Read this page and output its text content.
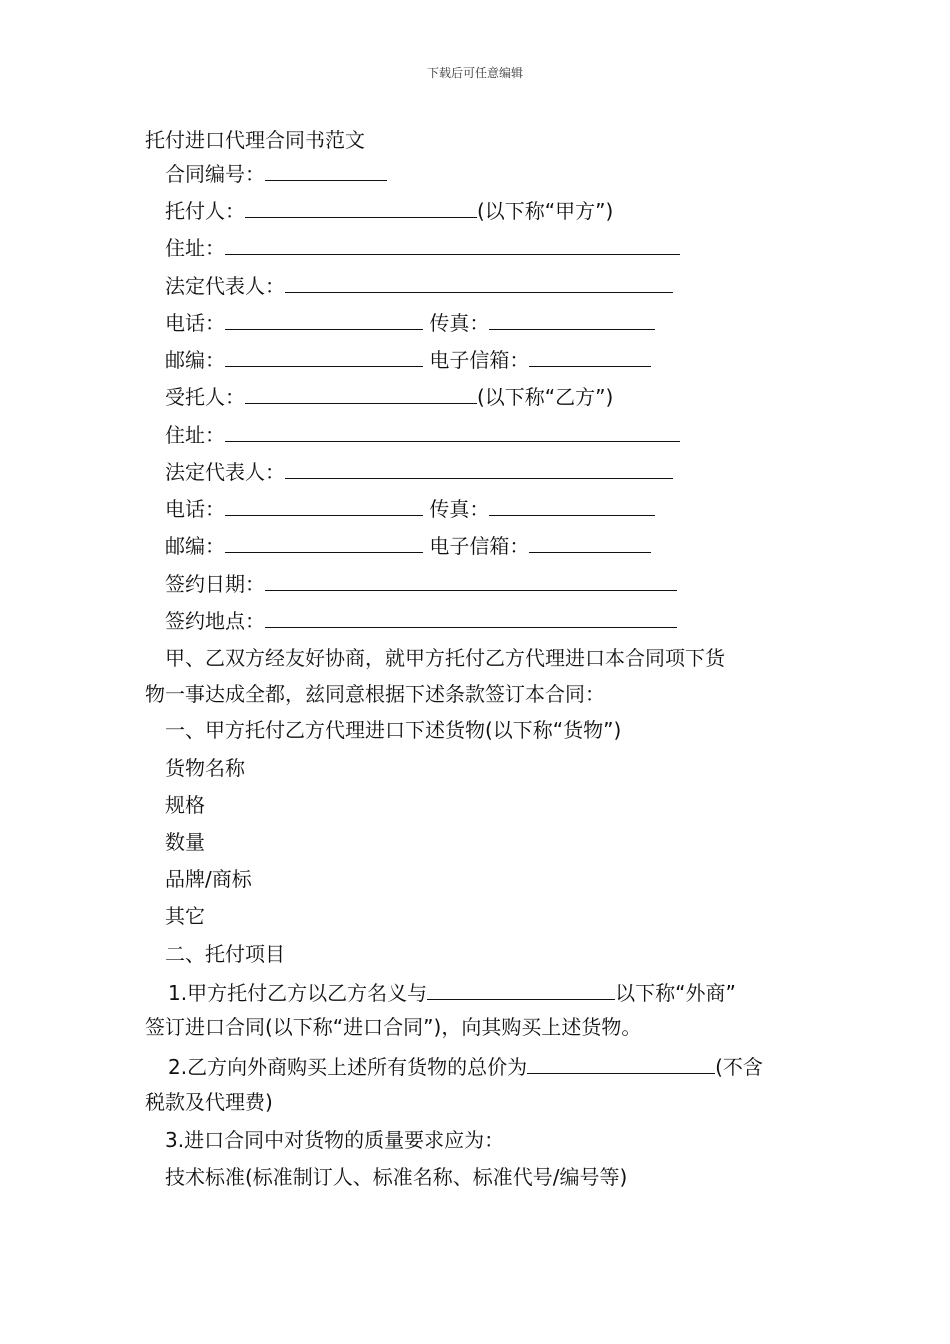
下载后可任意编辑
托付进口代理合同书范文
合同编号：
托付人：	(以下称“甲方”)
住址：
法定代表人：
电话：	传真：
邮编：	电子信箱：
受托人：	(以下称“乙方”)
住址：
法定代表人：
电话：	传真：
邮编：	电子信箱：
签约日期：
签约地点：
甲、乙双方经友好协商，就甲方托付乙方代理进口本合同项下货
物一事达成全都，兹同意根据下述条款签订本合同：
一、甲方托付乙方代理进口下述货物(以下称“货物”)
货物名称
规格
数量
品牌/商标
其它
二、托付项目
1.甲方托付乙方以乙方名义与	以下称“外商”
签订进口合同(以下称“进口合同”)，向其购买上述货物。
2.乙方向外商购买上述所有货物的总价为	(不含
税款及代理费)
3.进口合同中对货物的质量要求应为：
技术标准(标准制订人、标准名称、标准代号/编号等)
